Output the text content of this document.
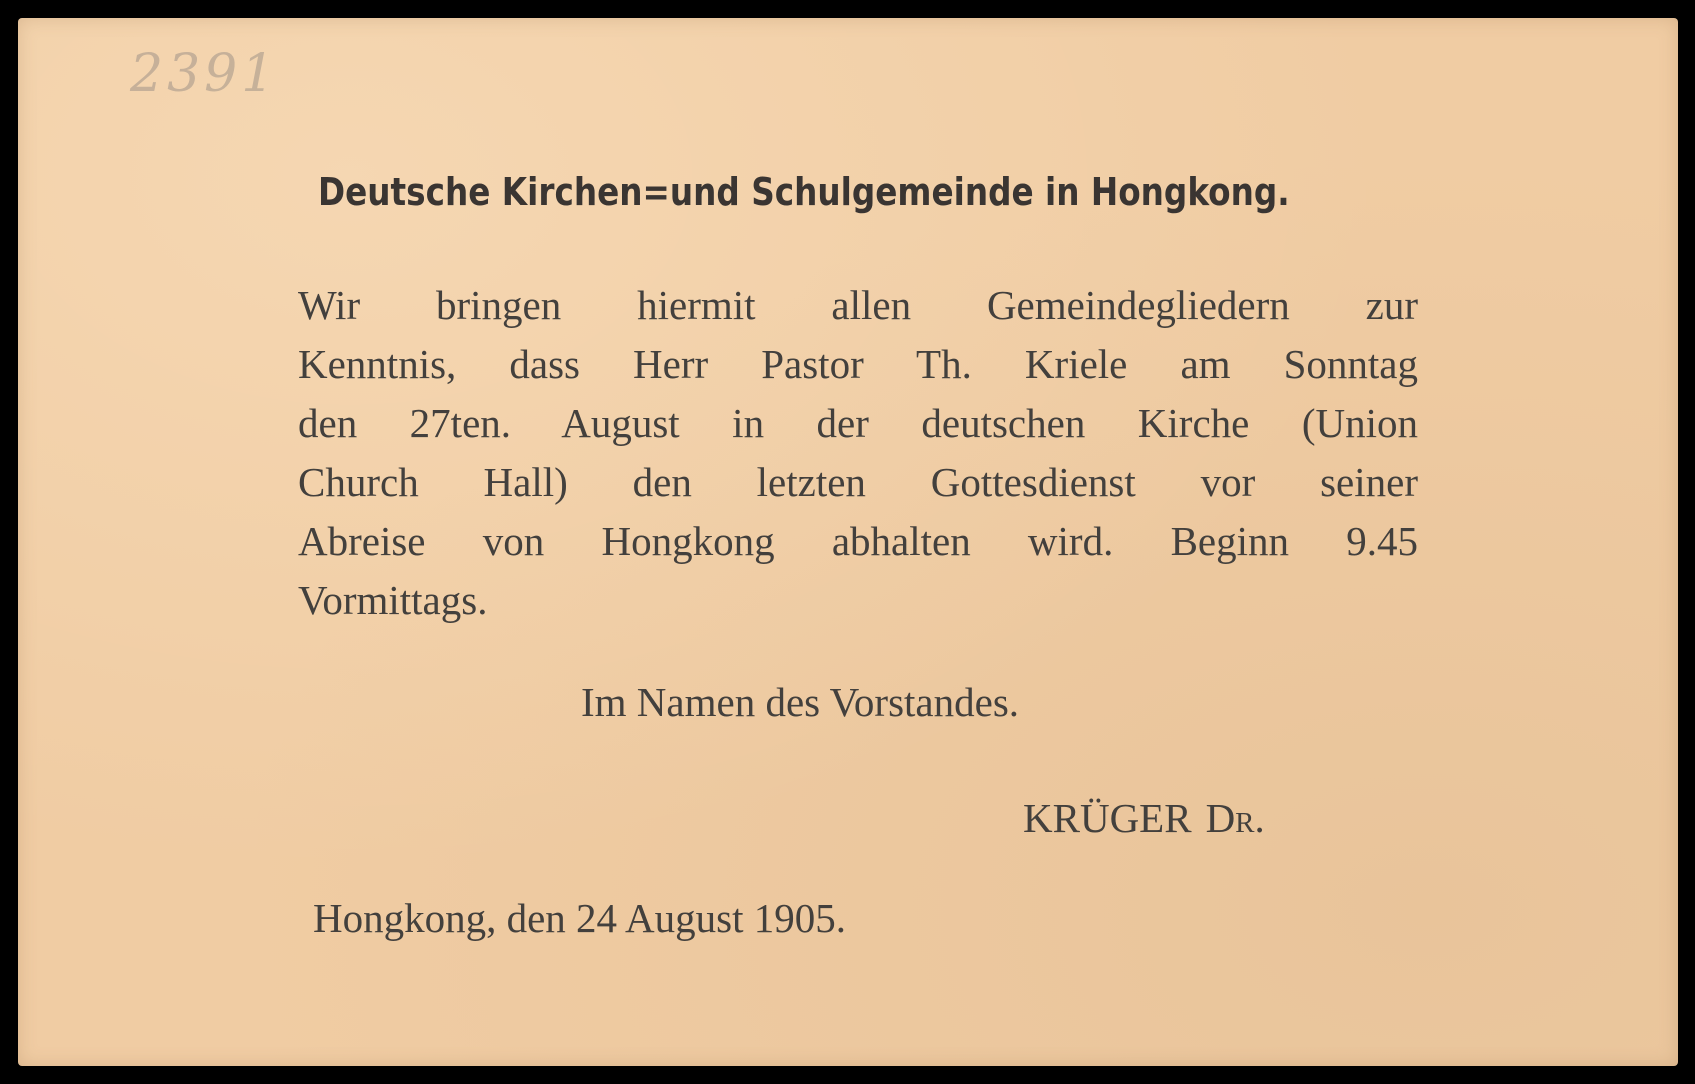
2391
Deutsche Kirchen=und Schulgemeinde in Hongkong.
Wir bringen hiermit allen Gemeindegliedern zur
Kenntnis, dass Herr Pastor Th. Kriele am Sonntag
den 27ten. August in der deutschen Kirche (Union
Church Hall) den letzten Gottesdienst vor seiner
Abreise von Hongkong abhalten wird. Beginn 9.45
Vormittags.
Im Namen des Vorstandes.
KRÜGER Dr.
Hongkong, den 24 August 1905.
